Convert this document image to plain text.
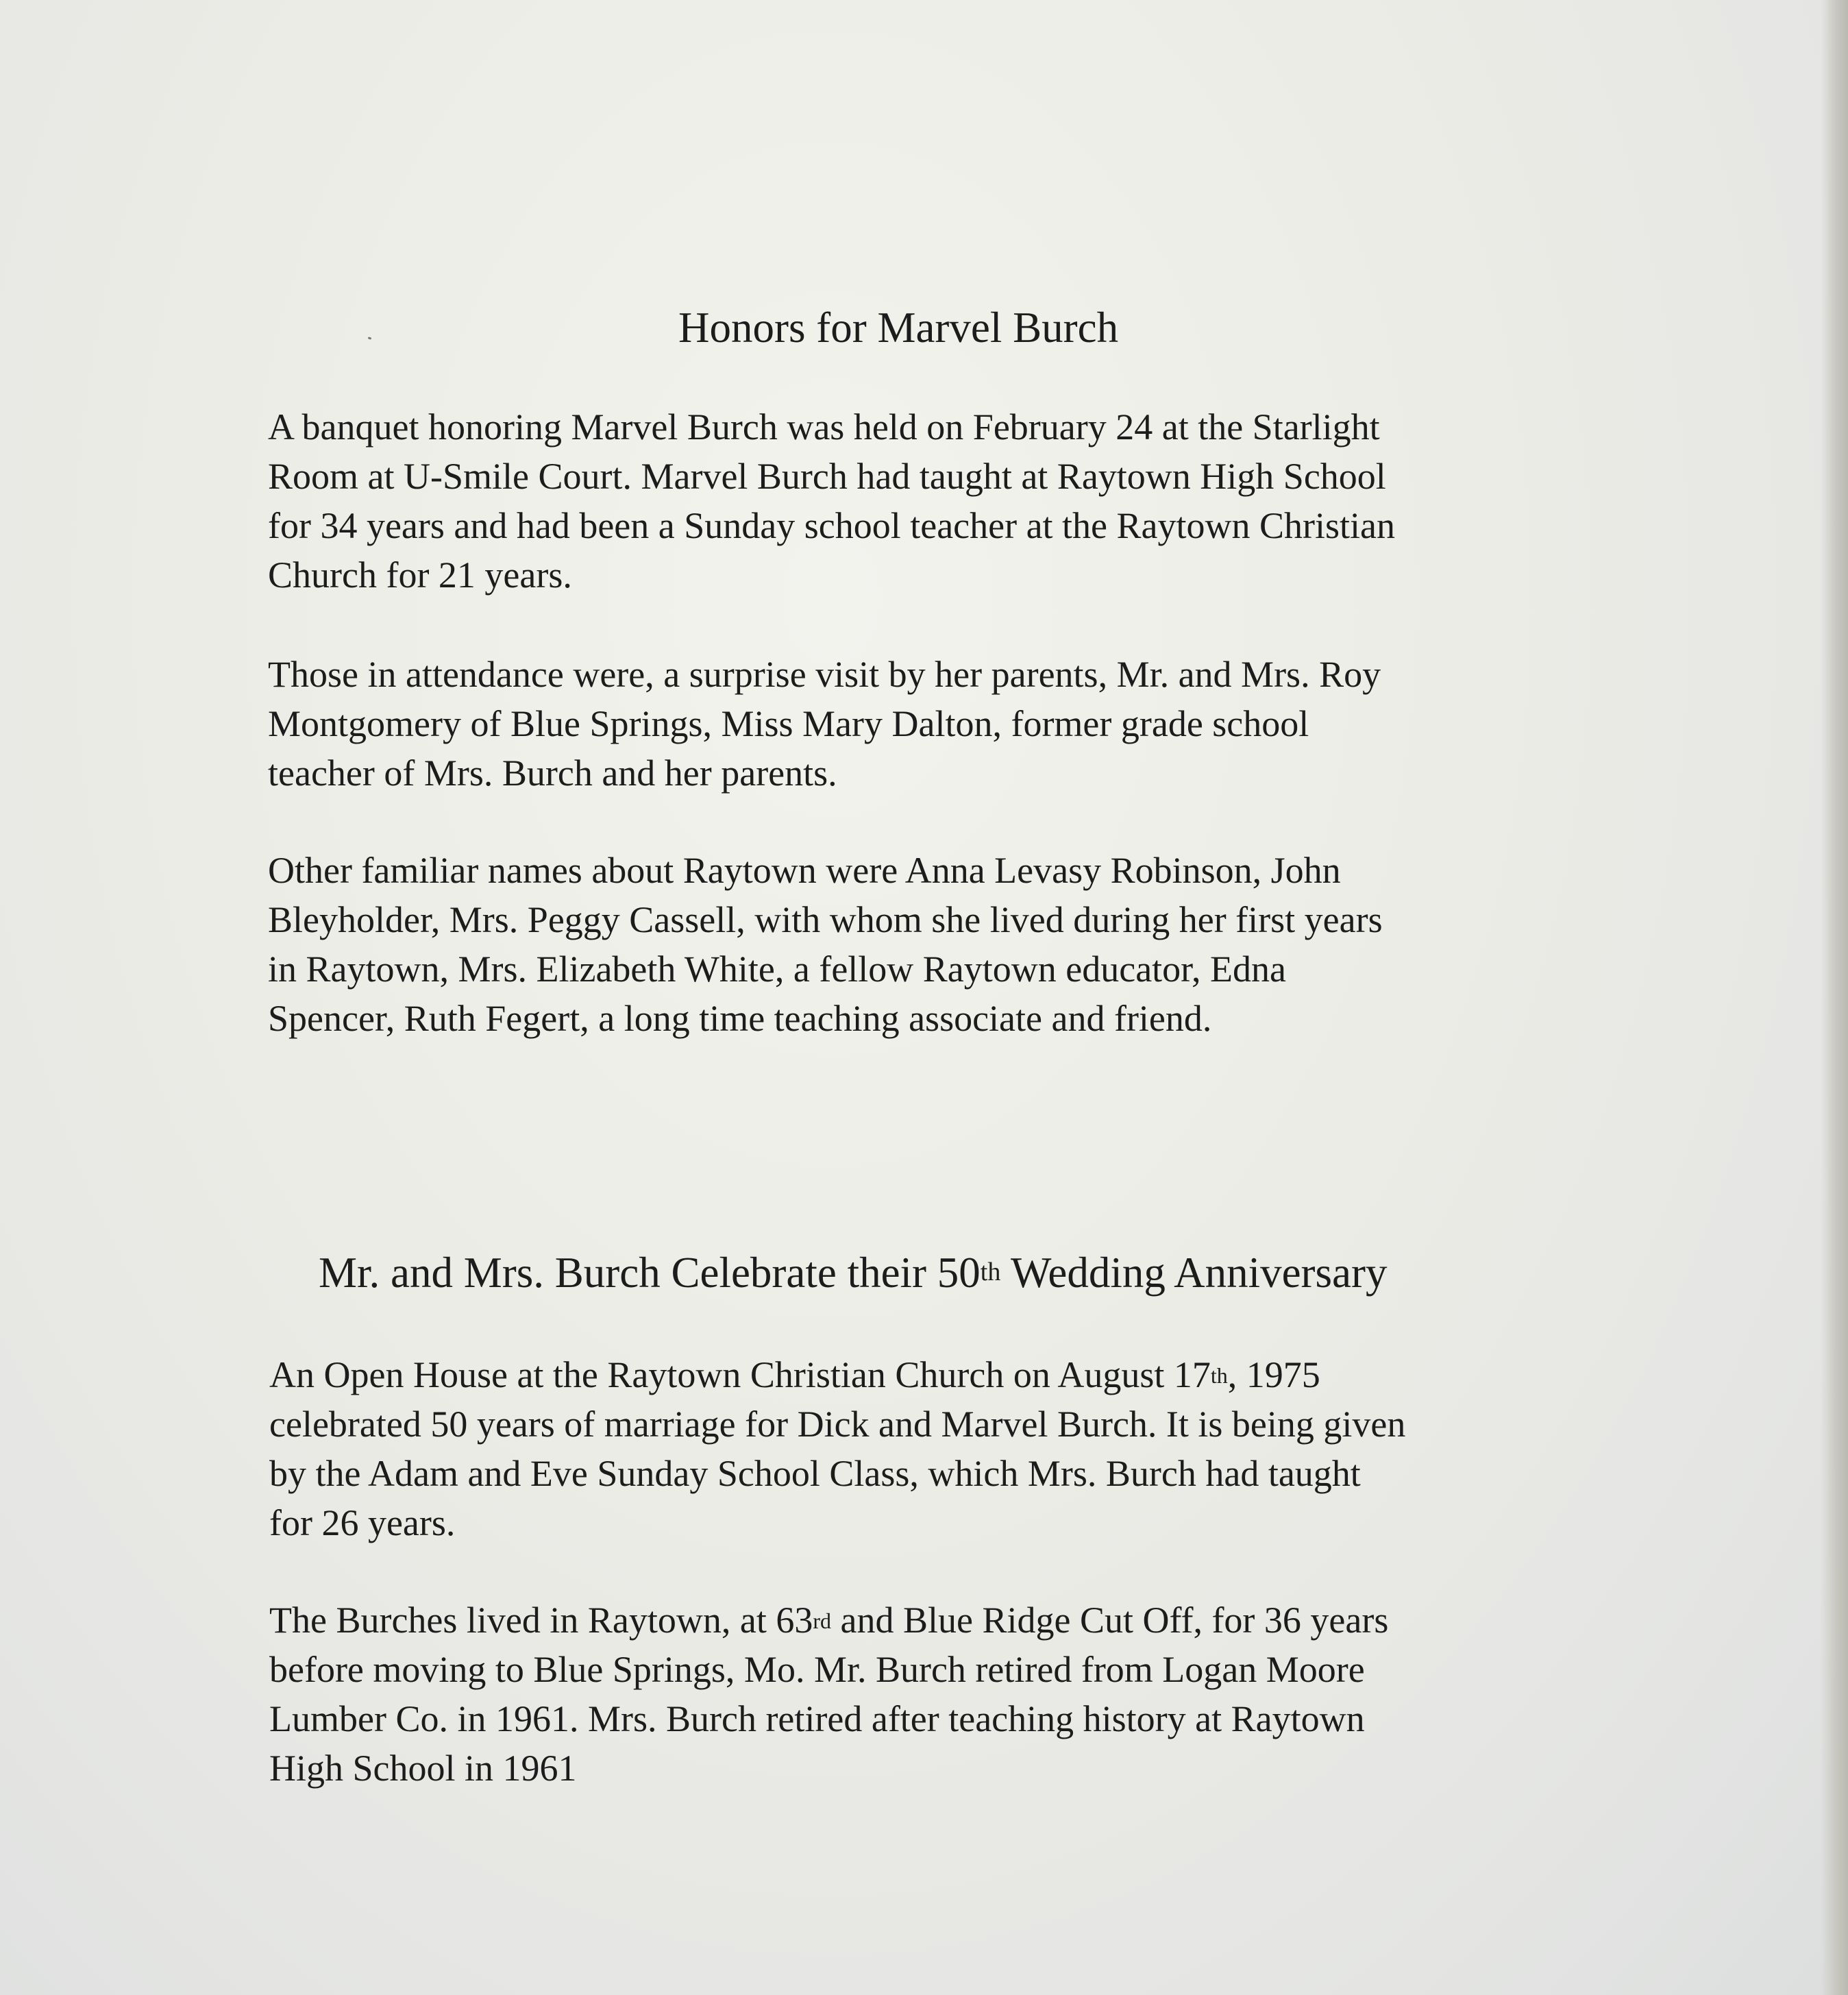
Honors for Marvel Burch
A banquet honoring Marvel Burch was held on February 24 at the Starlight
Room at U-Smile Court. Marvel Burch had taught at Raytown High School
for 34 years and had been a Sunday school teacher at the Raytown Christian
Church for 21 years.
Those in attendance were, a surprise visit by her parents, Mr. and Mrs. Roy
Montgomery of Blue Springs, Miss Mary Dalton, former grade school
teacher of Mrs. Burch and her parents.
Other familiar names about Raytown were Anna Levasy Robinson, John
Bleyholder, Mrs. Peggy Cassell, with whom she lived during her first years
in Raytown, Mrs. Elizabeth White, a fellow Raytown educator, Edna
Spencer, Ruth Fegert, a long time teaching associate and friend.
Mr. and Mrs. Burch Celebrate their 50th Wedding Anniversary
An Open House at the Raytown Christian Church on August 17th, 1975
celebrated 50 years of marriage for Dick and Marvel Burch. It is being given
by the Adam and Eve Sunday School Class, which Mrs. Burch had taught
for 26 years.
The Burches lived in Raytown, at 63rd and Blue Ridge Cut Off, for 36 years
before moving to Blue Springs, Mo. Mr. Burch retired from Logan Moore
Lumber Co. in 1961. Mrs. Burch retired after teaching history at Raytown
High School in 1961
